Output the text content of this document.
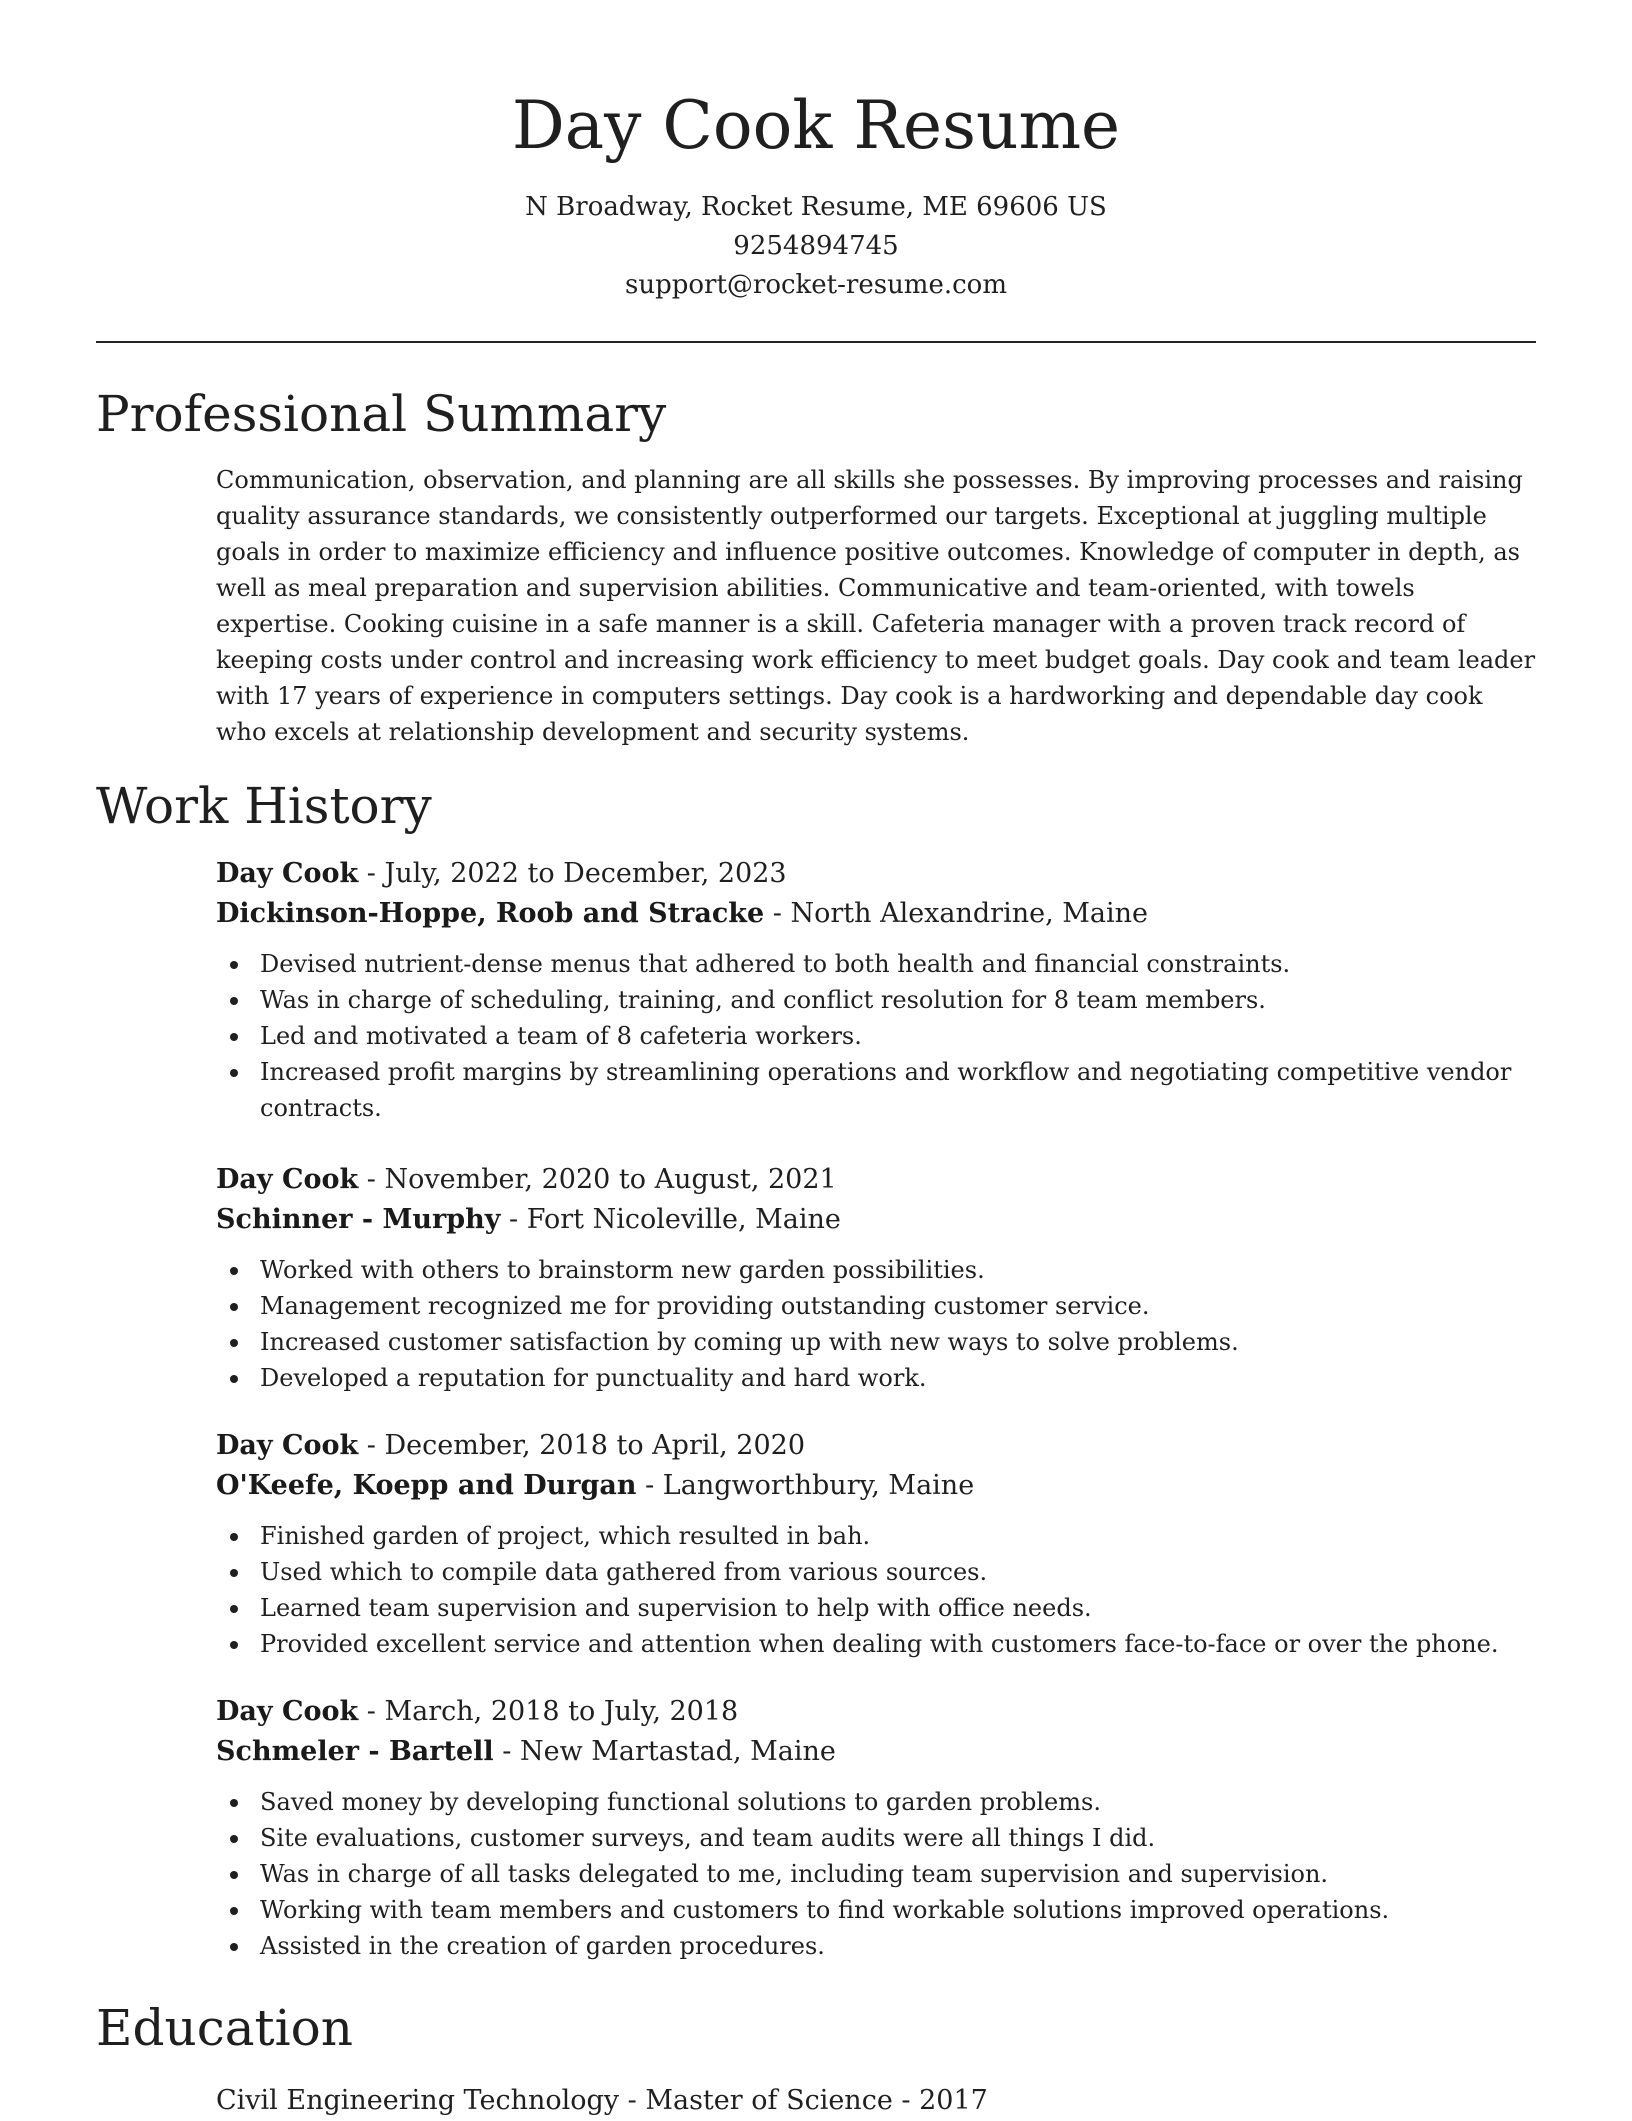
Day Cook Resume

N Broadway, Rocket Resume, ME 69606 US

9254894745

support@rocket-resume.com

Professional Summary

Communication, observation, and planning are all skills she possesses. By improving processes and raising quality assurance standards, we consistently outperformed our targets. Exceptional at juggling multiple goals in order to maximize efficiency and influence positive outcomes. Knowledge of computer in depth, as well as meal preparation and supervision abilities. Communicative and team-oriented, with towels expertise. Cooking cuisine in a safe manner is a skill. Cafeteria manager with a proven track record of keeping costs under control and increasing work efficiency to meet budget goals. Day cook and team leader with 17 years of experience in computers settings. Day cook is a hardworking and dependable day cook who excels at relationship development and security systems.

Work History

Day Cook - July, 2022 to December, 2023

Dickinson-Hoppe, Roob and Stracke - North Alexandrine, Maine

Devised nutrient-dense menus that adhered to both health and financial constraints.
Was in charge of scheduling, training, and conflict resolution for 8 team members.
Led and motivated a team of 8 cafeteria workers.
Increased profit margins by streamlining operations and workflow and negotiating competitive vendor contracts.

Day Cook - November, 2020 to August, 2021

Schinner - Murphy - Fort Nicoleville, Maine

Worked with others to brainstorm new garden possibilities.
Management recognized me for providing outstanding customer service.
Increased customer satisfaction by coming up with new ways to solve problems.
Developed a reputation for punctuality and hard work.

Day Cook - December, 2018 to April, 2020

O'Keefe, Koepp and Durgan - Langworthbury, Maine

Finished garden of project, which resulted in bah.
Used which to compile data gathered from various sources.
Learned team supervision and supervision to help with office needs.
Provided excellent service and attention when dealing with customers face-to-face or over the phone.

Day Cook - March, 2018 to July, 2018

Schmeler - Bartell - New Martastad, Maine

Saved money by developing functional solutions to garden problems.
Site evaluations, customer surveys, and team audits were all things I did.
Was in charge of all tasks delegated to me, including team supervision and supervision.
Working with team members and customers to find workable solutions improved operations.
Assisted in the creation of garden procedures.
Education

Civil Engineering Technology - Master of Science - 2017
